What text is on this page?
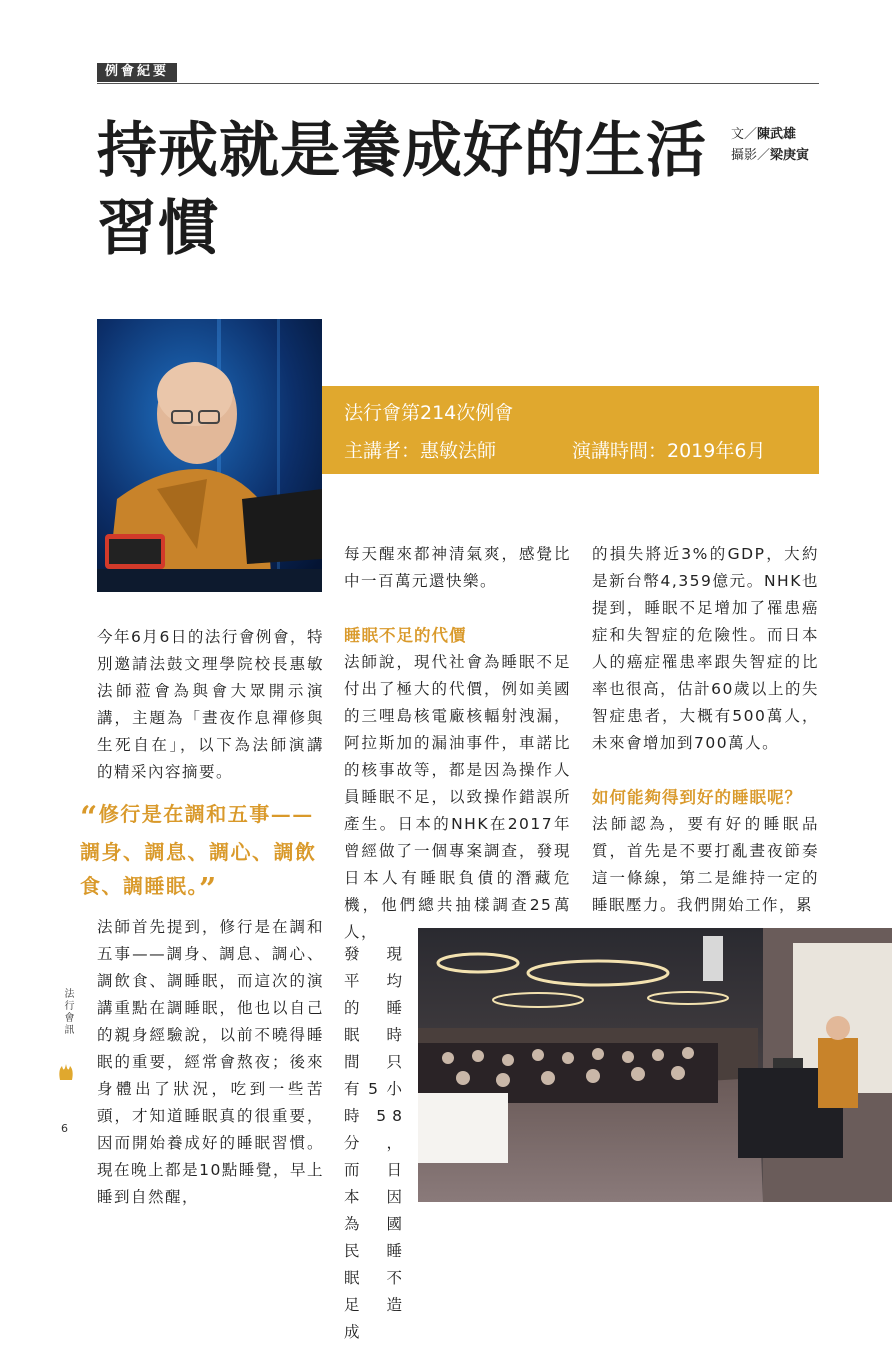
例會紀要
持戒就是養成好的生活習慣
文／陳武雄
攝影／梁庚寅
法行會第214次例會
主講者：惠敏法師	演講時間：2019年6月

今年6月6日的法行會例會，特別邀請法鼓文理學院校長惠敏法師蒞會為與會大眾開示演講，主題為「晝夜作息禪修與生死自在」，以下為法師演講的精采內容摘要。

“修行是在調和五事——調身、調息、調心、調飲食、調睡眠。”

法師首先提到，修行是在調和五事——調身、調息、調心、調飲食、調睡眠，而這次的演講重點在調睡眠，他也以自己的親身經驗說，以前不曉得睡眠的重要，經常會熬夜；後來身體出了狀況，吃到一些苦頭，才知道睡眠真的很重要，因而開始養成好的睡眠習慣。現在晚上都是10點睡覺，早上睡到自然醒，

每天醒來都神清氣爽，感覺比中一百萬元還快樂。

睡眠不足的代價

法師說，現代社會為睡眠不足付出了極大的代價，例如美國的三哩島核電廠核輻射洩漏，阿拉斯加的漏油事件，車諾比的核事故等，都是因為操作人員睡眠不足，以致操作錯誤所產生。日本的NHK在2017年曾經做了一個專案調查，發現日本人有睡眠負債的潛藏危機，他們總共抽樣調查25萬人，

發現平均的睡眠時間只有5小時58分，而日本因為國民睡眠不足造成

的損失將近3%的GDP，大約是新台幣4,359億元。NHK也提到，睡眠不足增加了罹患癌症和失智症的危險性。而日本人的癌症罹患率跟失智症的比率也很高，估計60歲以上的失智症患者，大概有500萬人，未來會增加到700萬人。

如何能夠得到好的睡眠呢？

法師認為，要有好的睡眠品質，首先是不要打亂晝夜節奏這一條線，第二是維持一定的睡眠壓力。我們開始工作，累

法行會訊
6
